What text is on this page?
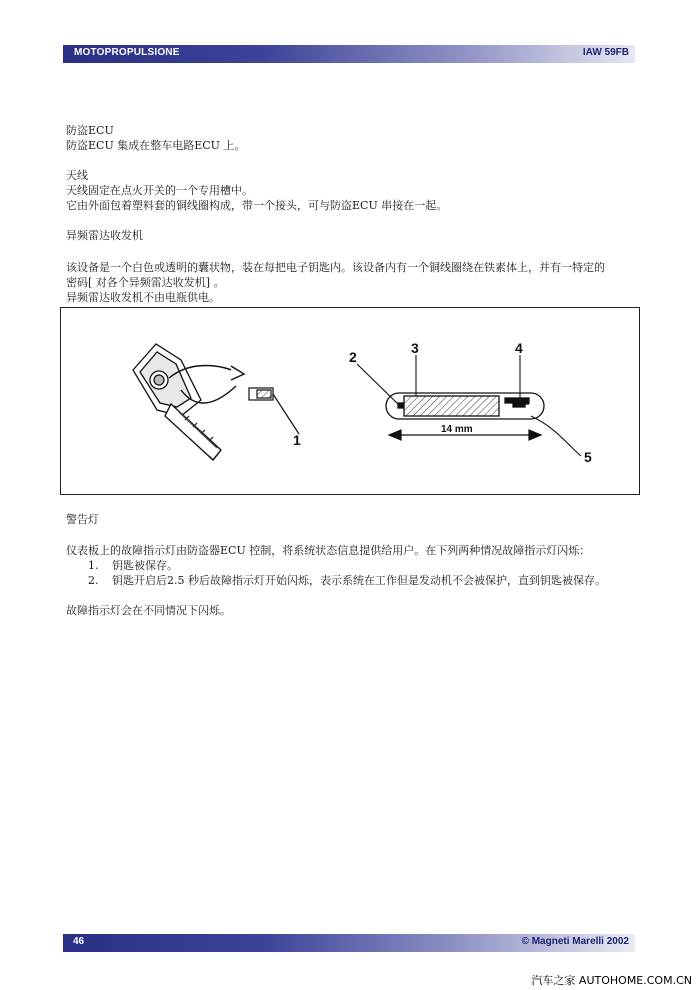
MOTOPROPULSIONE	IAW 59FB
防盗ECU
防盗ECU 集成在整车电路ECU 上。
天线
天线固定在点火开关的一个专用槽中。
它由外面包着塑料套的铜线圈构成，带一个接头，可与防盗ECU 串接在一起。
异频雷达收发机
该设备是一个白色或透明的囊状物，装在每把电子钥匙内。该设备内有一个铜线圈绕在铁素体上，并有一特定的
密码[ 对各个异频雷达收发机] 。
异频雷达收发机不由电瓶供电。
1
2
3	4
5
14 mm
警告灯
仪表板上的故障指示灯由防盗器ECU 控制，将系统状态信息提供给用户。在下列两种情况故障指示灯闪烁：
1. 钥匙被保存。
2. 钥匙开启后2.5 秒后故障指示灯开始闪烁，表示系统在工作但是发动机不会被保护，直到钥匙被保存。
故障指示灯会在不同情况下闪烁。
46	© Magneti Marelli 2002
汽车之家 AUTOHOME.COM.CN
